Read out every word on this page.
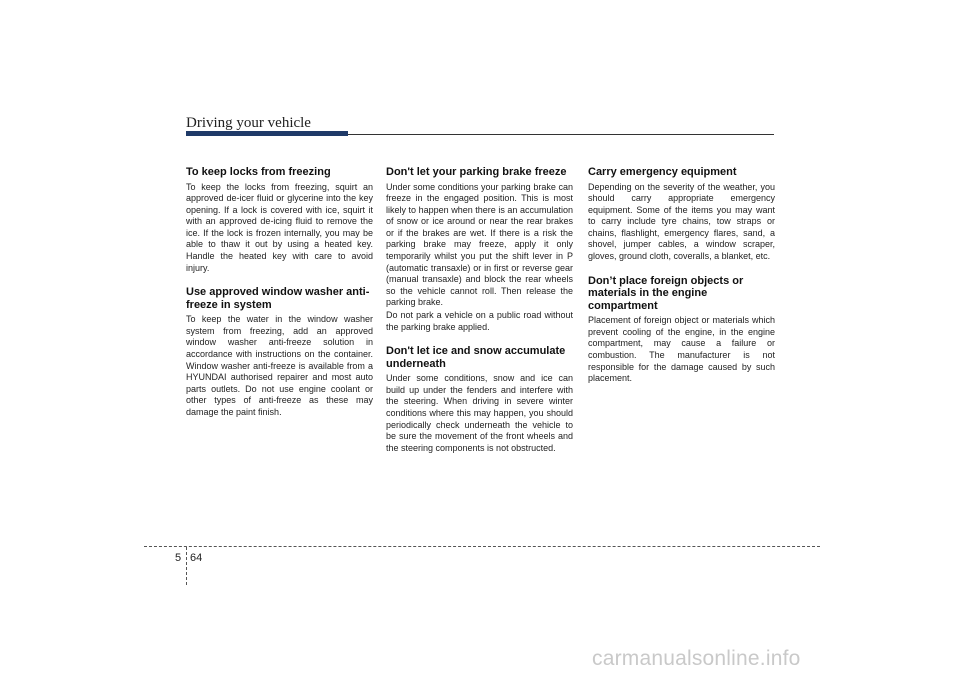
Driving your vehicle
To keep locks from freezing

To keep the locks from freezing, squirt an approved de-icer fluid or glycerine into the key opening. If a lock is covered with ice, squirt it with an approved de-icing fluid to remove the ice. If the lock is frozen internally, you may be able to thaw it out by using a heated key. Handle the heated key with care to avoid injury.

Use approved window washer anti-freeze in system

To keep the water in the window washer system from freezing, add an approved window washer anti-freeze solution in accordance with instructions on the container. Window washer anti-freeze is available from a HYUNDAI authorised repairer and most auto parts outlets. Do not use engine coolant or other types of anti-freeze as these may damage the paint finish.

Don't let your parking brake freeze

Under some conditions your parking brake can freeze in the engaged position. This is most likely to happen when there is an accumulation of snow or ice around or near the rear brakes or if the brakes are wet. If there is a risk the parking brake may freeze, apply it only temporarily whilst you put the shift lever in P (automatic transaxle) or in first or reverse gear (manual transaxle) and block the rear wheels so the vehicle cannot roll. Then release the parking brake.

Do not park a vehicle on a public road without the parking brake applied.

Don't let ice and snow accumulate underneath

Under some conditions, snow and ice can build up under the fenders and interfere with the steering. When driving in severe winter conditions where this may happen, you should periodically check underneath the vehicle to be sure the movement of the front wheels and the steering components is not obstructed.

Carry emergency equipment

Depending on the severity of the weather, you should carry appropriate emergency equipment. Some of the items you may want to carry include tyre chains, tow straps or chains, flashlight, emergency flares, sand, a shovel, jumper cables, a window scraper, gloves, ground cloth, coveralls, a blanket, etc.

Don’t place foreign objects or materials in the engine compartment

Placement of foreign object or materials which prevent cooling of the engine, in the engine compartment, may cause a failure or combustion. The manufacturer is not responsible for the damage caused by such placement.

5 64
carmanualsonline.info
